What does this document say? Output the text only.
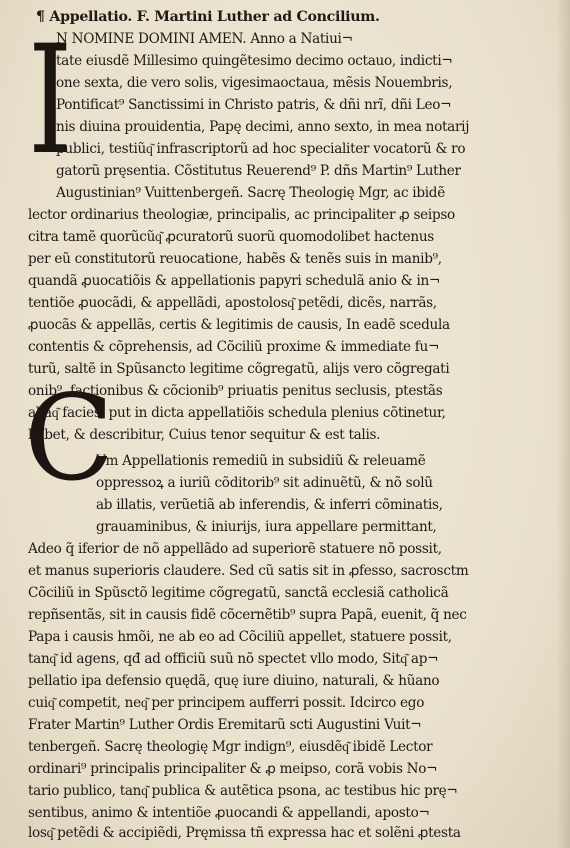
¶ Appellatio. F. Martini Luther ad Concilium.
I
C
N NOMINE DOMINI AMEN. Anno a Natiui¬
tate eiusdẽ Millesimo quingẽtesimo decimo octauo, indicti¬
one sexta, die vero solis, vigesimaoctaua, mẽsis Nouembris,
Pontificat⁹ Sanctissimi in Christo patris, & dñi nrĩ, dñi Leo¬
nis diuina prouidentia, Papę decimi, anno sexto, in mea notarij
publici, testiũq͂ infrascriptorũ ad hoc specialiter vocatorũ & ro
gatorũ pręsentia. Cõstitutus Reuerend⁹ P. dñs Martin⁹ Luther
Augustinian⁹ Vuittenbergeñ. Sacrę Theologię Mgr, ac ibidẽ
lector ordinarius theologiæ, principalis, ac principaliter ꝓ seipso
citra tamẽ quorũcũq͂ ꝓcuratorũ suorũ quomodolibet hactenus
per eũ constitutorũ reuocatione, habẽs & tenẽs suis in manib⁹,
quandã ꝓuocatiõis & appellationis papyri schedulã anio & in¬
tentiõe ꝓuocãdi, & appellãdi, apostolosq͂ petẽdi, dicẽs, narrãs,
ꝓuocãs & appellãs, certis & legitimis de causis, In eadẽ scedula
contentis & cõprehensis, ad Cõciliũ proxime & immediate fu¬
turũ, saltẽ in Spũsancto legitime cõgregatũ, alijs vero cõgregati
onib⁹, factionibus & cõcionib⁹ priuatis penitus seclusis, ptestãs
aliaq͂ facies, put in dicta appellatiõis schedula plenius cõtinetur,
habet, & describitur, Cuius tenor sequitur & est talis.
Vm Appellationis remediũ in subsidiũ & releuamẽ
oppressoꝝ a iuriũ cõditorib⁹ sit adinuẽtũ, & nõ solũ
ab illatis, verũetiã ab inferendis, & inferri cõminatis,
grauaminibus, & iniurijs, iura appellare permittant,
Adeo q̃ iferior de nõ appellãdo ad superiorẽ statuere nõ possit,
et manus superioris claudere. Sed cũ satis sit in ꝓfesso, sacrosctm
Cõciliũ in Spũsctõ legitime cõgregatũ, sanctã ecclesiã catholicã
repñsentãs, sit in causis fidẽ cõcernẽtib⁹ supra Papã, euenit, q̃ nec
Papa i causis hmõi, ne ab eo ad Cõciliũ appellet, statuere possit,
tanq͂ id agens, qđ ad officiũ suũ nõ spectet vllo modo, Sitq͂ ap¬
pellatio ipa defensio quędã, quę iure diuino, naturali, & hũano
cuiq͂ competit, neq͂ per principem aufferri possit. Idcirco ego
Frater Martin⁹ Luther Ordis Eremitarũ scti Augustini Vuit¬
tenbergeñ. Sacrę theologię Mgr indign⁹, eiusdẽq͂ ibidẽ Lector
ordinari⁹ principalis principaliter & ꝓ meipso, corã vobis No¬
tario publico, tanq͂ publica & autẽtica psona, ac testibus hic prę¬
sentibus, animo & intentiõe ꝓuocandi & appellandi, aposto¬
losq͂ petẽdi & accipiẽdi, Pręmissa tñ expressa hac et solẽni ꝓtesta
